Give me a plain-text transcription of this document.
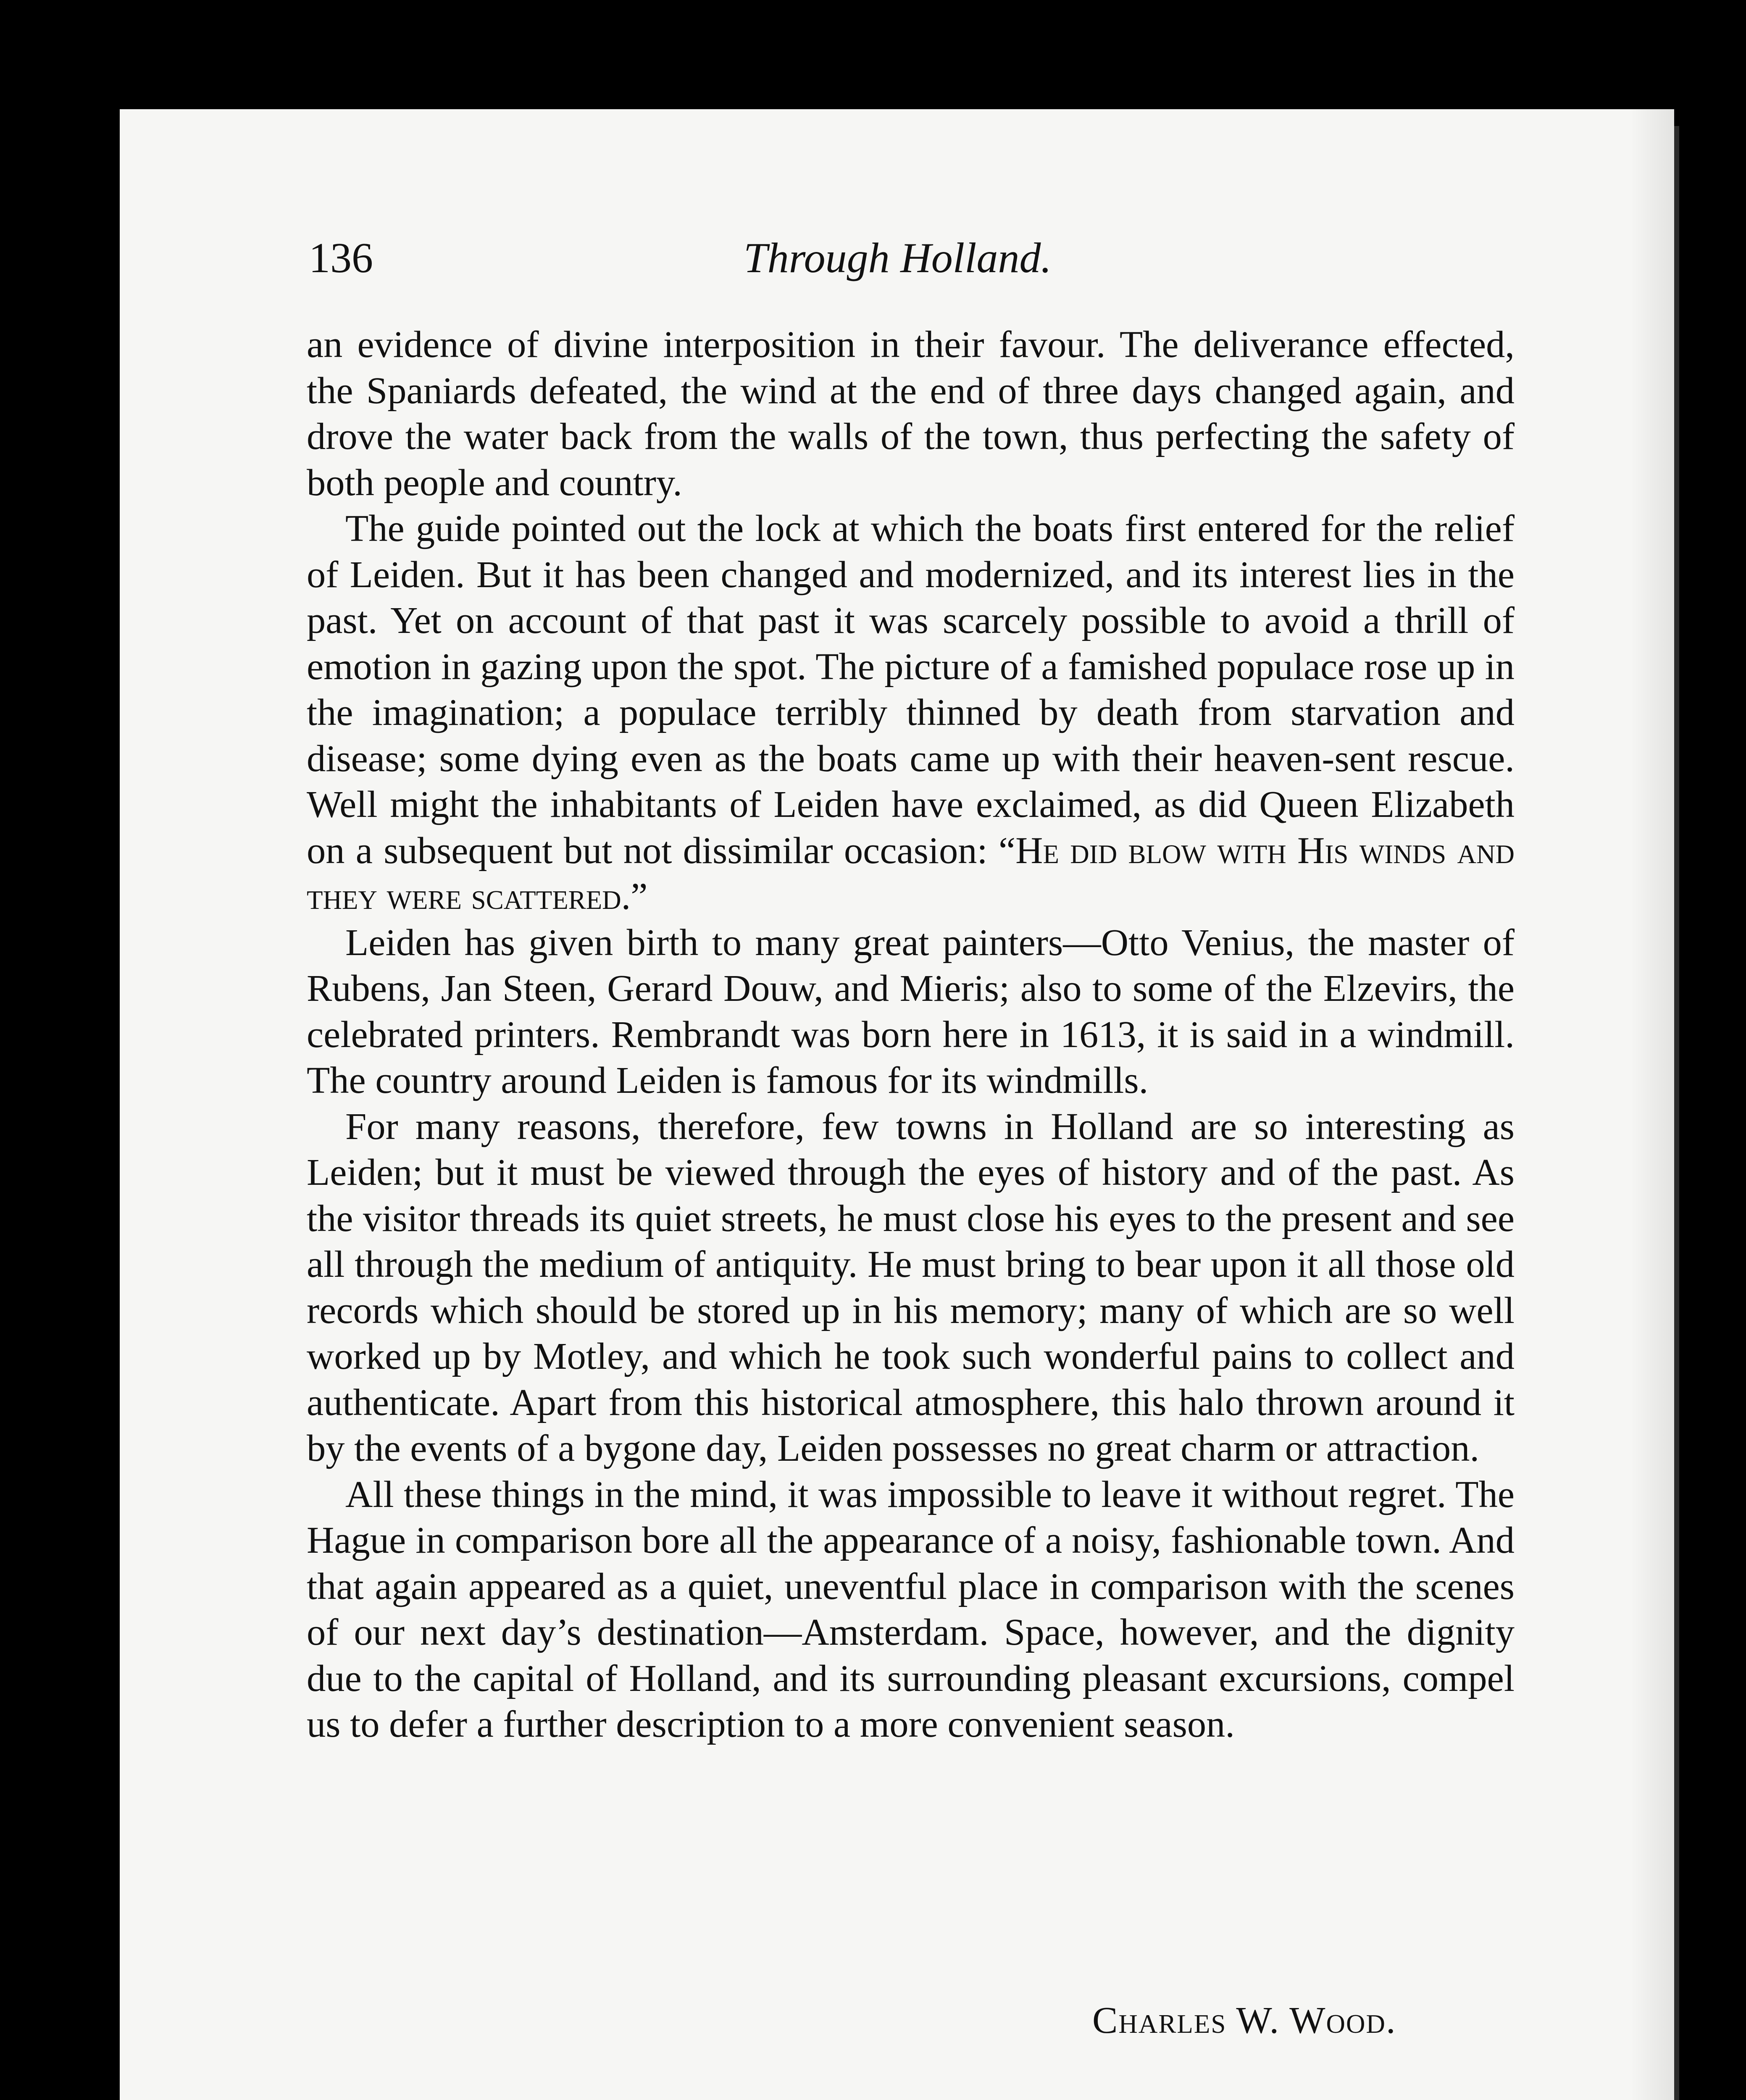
136	Through Holland.

an evidence of divine interposition in their favour. The deliverance effected, the Spaniards defeated, the wind at the end of three days changed again, and drove the water back from the walls of the town, thus perfecting the safety of both people and country.

The guide pointed out the lock at which the boats first entered for the relief of Leiden. But it has been changed and modernized, and its interest lies in the past. Yet on account of that past it was scarcely possible to avoid a thrill of emotion in gazing upon the spot. The picture of a famished populace rose up in the imagination; a populace terribly thinned by death from starvation and disease; some dying even as the boats came up with their heaven-sent rescue. Well might the inhabitants of Leiden have exclaimed, as did Queen Elizabeth on a subsequent but not dissimilar occasion: “He did blow with His winds and they were scattered.”

Leiden has given birth to many great painters—Otto Venius, the master of Rubens, Jan Steen, Gerard Douw, and Mieris; also to some of the Elzevirs, the celebrated printers. Rembrandt was born here in 1613, it is said in a windmill. The country around Leiden is famous for its windmills.

For many reasons, therefore, few towns in Holland are so interesting as Leiden; but it must be viewed through the eyes of history and of the past. As the visitor threads its quiet streets, he must close his eyes to the present and see all through the medium of antiquity. He must bring to bear upon it all those old records which should be stored up in his memory; many of which are so well worked up by Motley, and which he took such wonderful pains to collect and authenticate. Apart from this historical atmosphere, this halo thrown around it by the events of a bygone day, Leiden possesses no great charm or attraction.

All these things in the mind, it was impossible to leave it without regret. The Hague in comparison bore all the appearance of a noisy, fashionable town. And that again appeared as a quiet, uneventful place in comparison with the scenes of our next day’s destination—Amsterdam. Space, however, and the dignity due to the capital of Holland, and its surrounding pleasant excursions, compel us to defer a further description to a more convenient season.

Charles W. Wood.
